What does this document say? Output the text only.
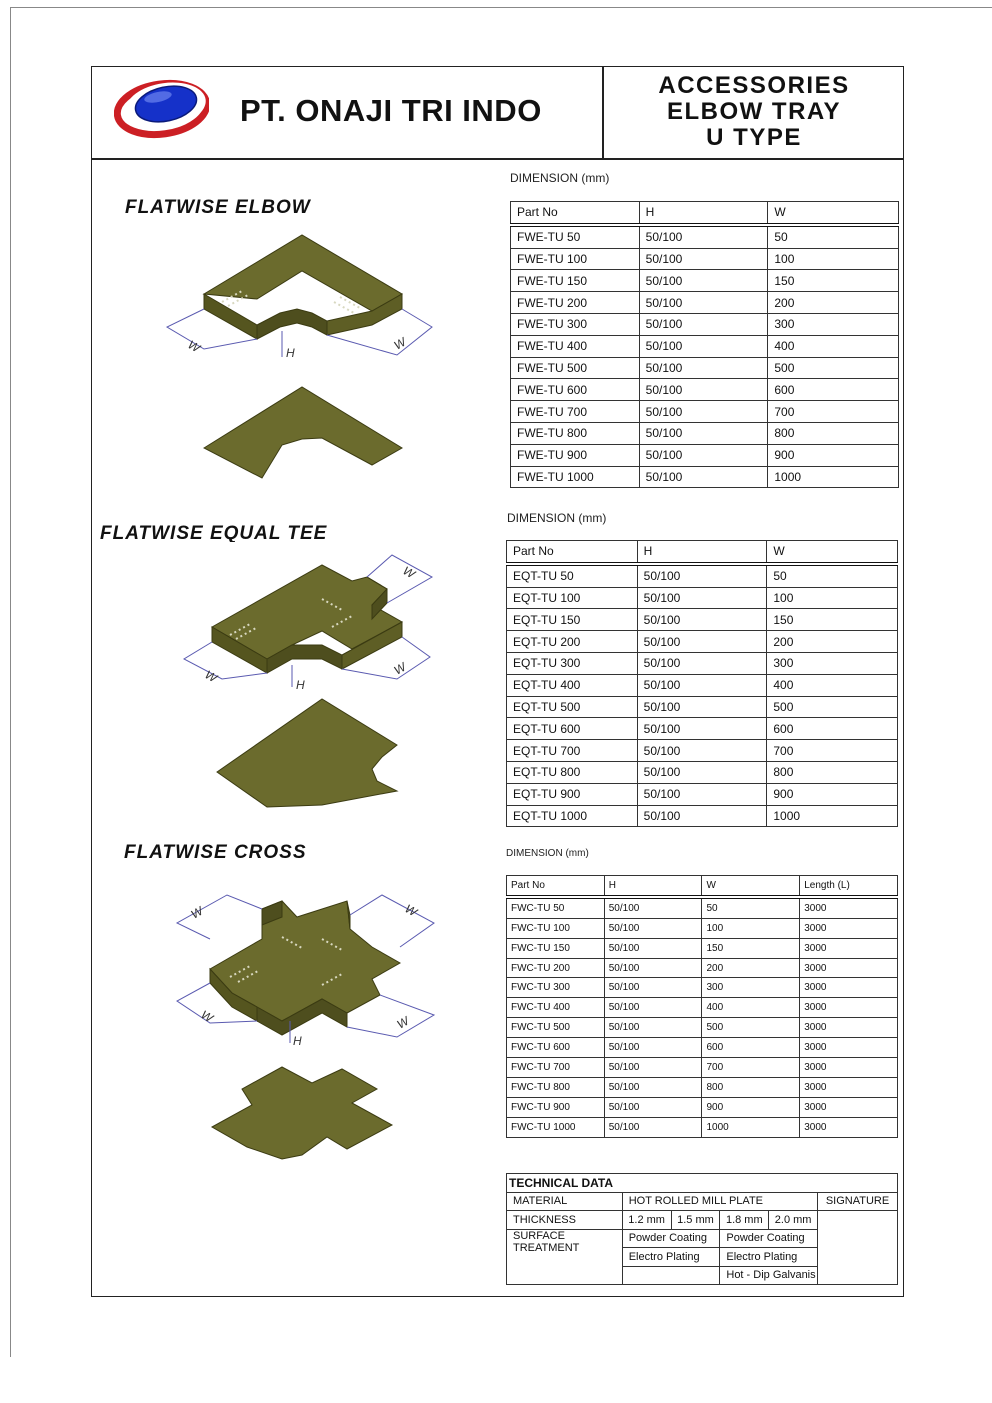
PT. ONAJI TRI INDO
ACCESSORIES
ELBOW TRAY
U TYPE
FLATWISE ELBOW
W	W
H
DIMENSION (mm)
Part No	H	W
FWE-TU 50	50/100	50
FWE-TU 100	50/100	100
FWE-TU 150	50/100	150
FWE-TU 200	50/100	200
FWE-TU 300	50/100	300
FWE-TU 400	50/100	400
FWE-TU 500	50/100	500
FWE-TU 600	50/100	600
FWE-TU 700	50/100	700
FWE-TU 800	50/100	800
FWE-TU 900	50/100	900
FWE-TU 1000	50/100	1000
FLATWISE EQUAL TEE
W	W
W
H
DIMENSION (mm)
Part No	H	W
EQT-TU 50	50/100	50
EQT-TU 100	50/100	100
EQT-TU 150	50/100	150
EQT-TU 200	50/100	200
EQT-TU 300	50/100	300
EQT-TU 400	50/100	400
EQT-TU 500	50/100	500
EQT-TU 600	50/100	600
EQT-TU 700	50/100	700
EQT-TU 800	50/100	800
EQT-TU 900	50/100	900
EQT-TU 1000	50/100	1000
FLATWISE CROSS
W	W
W	W
H
DIMENSION (mm)
Part No	H	W	Length (L)
FWC-TU 50	50/100	50	3000
FWC-TU 100	50/100	100	3000
FWC-TU 150	50/100	150	3000
FWC-TU 200	50/100	200	3000
FWC-TU 300	50/100	300	3000
FWC-TU 400	50/100	400	3000
FWC-TU 500	50/100	500	3000
FWC-TU 600	50/100	600	3000
FWC-TU 700	50/100	700	3000
FWC-TU 800	50/100	800	3000
FWC-TU 900	50/100	900	3000
FWC-TU 1000	50/100	1000	3000
TECHNICAL DATA					
MATERIAL	HOT ROLLED MILL PLATE				SIGNATURE
THICKNESS	1.2 mm	1.5 mm	1.8 mm	2.0 mm	
SURFACE TREATMENT	Powder Coating		Powder Coating		
	Electro Plating		Electro Plating		
			Hot - Dip Galvanis		
